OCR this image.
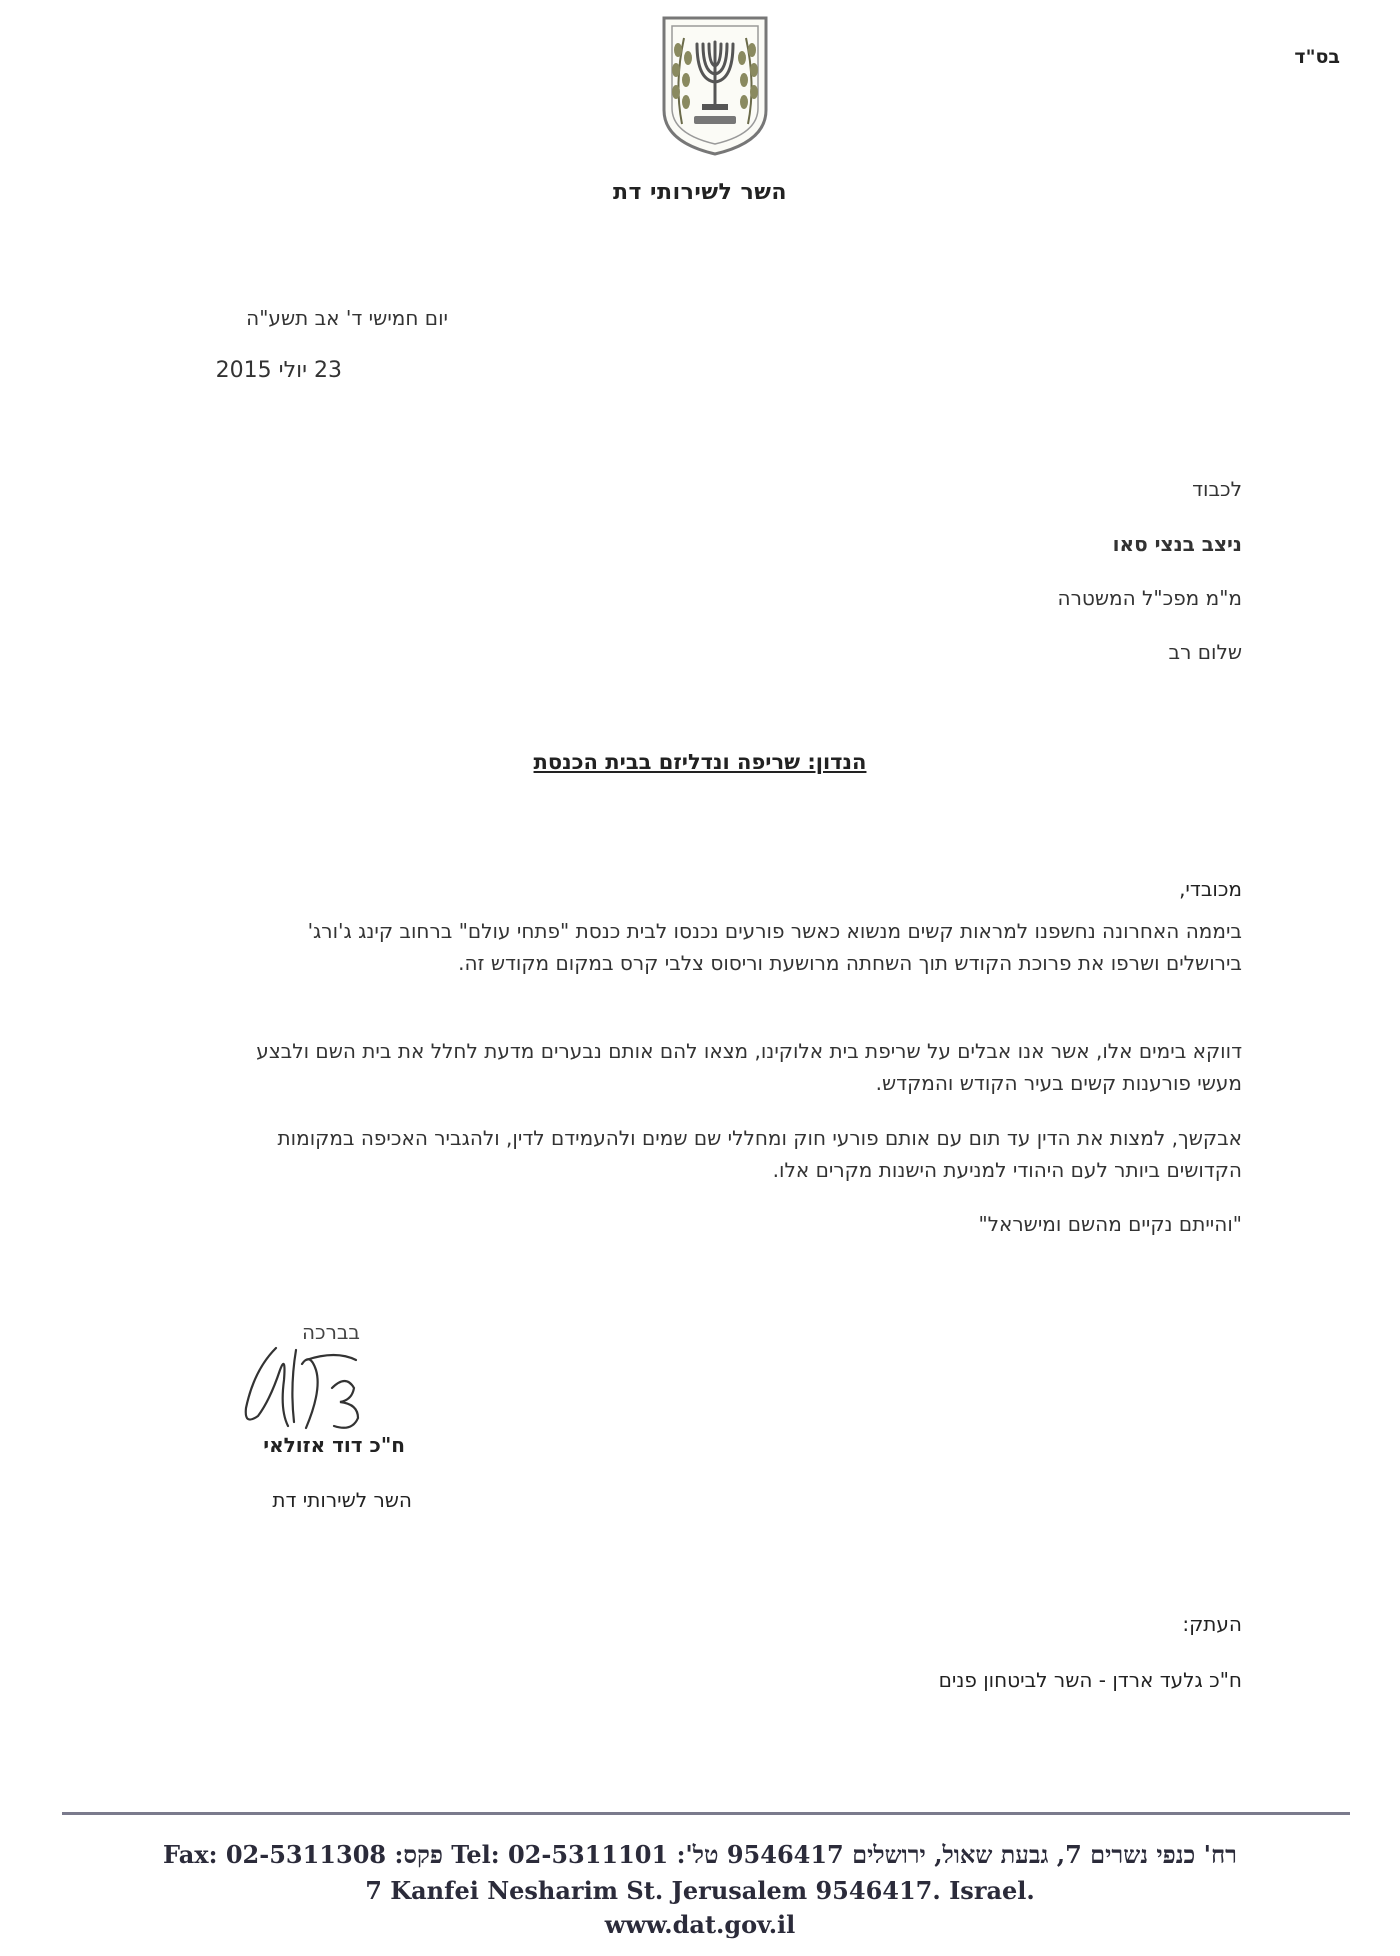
בס"ד
השר לשירותי דת
יום חמישי ד' אב תשע"ה
23 יולי 2015
לכבוד
ניצב בנצי סאו
מ"מ מפכ"ל המשטרה
שלום רב
הנדון: שריפה ונדליזם בבית הכנסת
מכובדי,
ביממה האחרונה נחשפנו למראות קשים מנשוא כאשר פורעים נכנסו לבית כנסת "פתחי עולם" ברחוב קינג ג'ורג' בירושלים ושרפו את פרוכת הקודש תוך השחתה מרושעת וריסוס צלבי קרס במקום מקודש זה.
דווקא בימים אלו, אשר אנו אבלים על שריפת בית אלוקינו, מצאו להם אותם נבערים מדעת לחלל את בית השם ולבצע מעשי פורענות קשים בעיר הקודש והמקדש.
אבקשך, למצות את הדין עד תום עם אותם פורעי חוק ומחללי שם שמים ולהעמידם לדין, ולהגביר האכיפה במקומות הקדושים ביותר לעם היהודי למניעת הישנות מקרים אלו.
"והייתם נקיים מהשם ומישראל"
בברכה
ח"כ דוד אזולאי
השר לשירותי דת
העתק:
ח"כ גלעד ארדן - השר לביטחון פנים
רח' כנפי נשרים 7, גבעת שאול, ירושלים 9546417 טל': 02-5311101 :Tel פקס: 02-5311308 :Fax
7 Kanfei Nesharim St. Jerusalem 9546417. Israel.
www.dat.gov.il
